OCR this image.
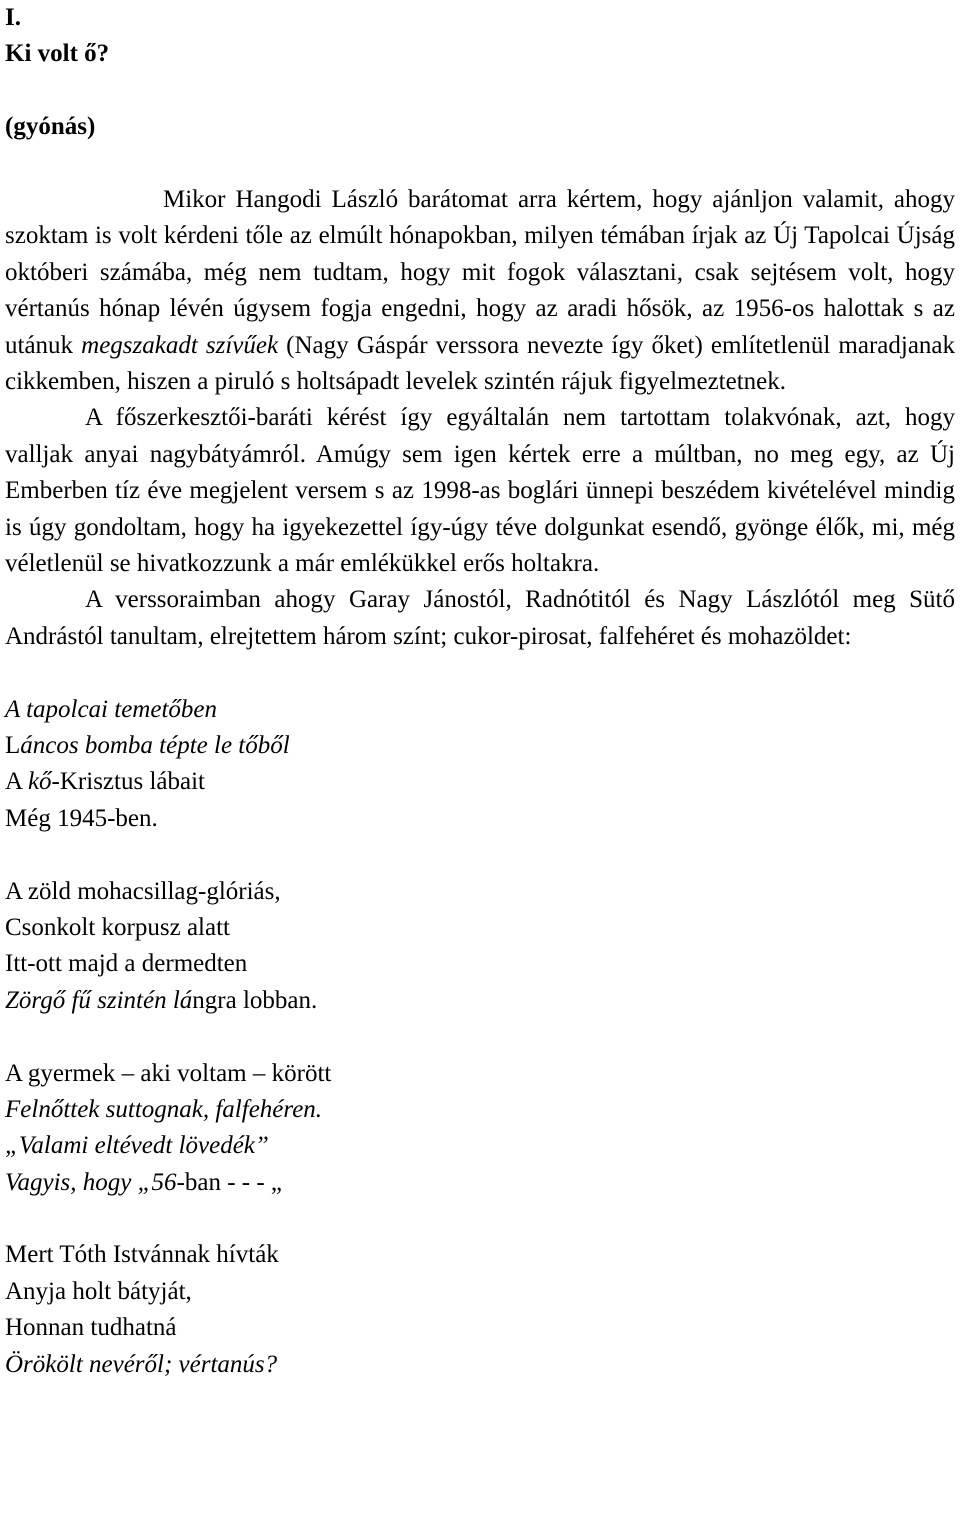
I.
Ki volt ő?
(gyónás)

Mikor Hangodi László barátomat arra kértem, hogy ajánljon valamit, ahogy szoktam is volt kérdeni tőle az elmúlt hónapokban, milyen témában írjak az Új Tapolcai Újság októberi számába, még nem tudtam, hogy mit fogok választani, csak sejtésem volt, hogy vértanús hónap lévén úgysem fogja engedni, hogy az aradi hősök, az 1956-os halottak s az utánuk megszakadt szívűek (Nagy Gáspár verssora nevezte így őket) említetlenül maradjanak cikkemben, hiszen a piruló s holtsápadt levelek szintén rájuk figyelmeztetnek.

A főszerkesztői-baráti kérést így egyáltalán nem tartottam tolakvónak, azt, hogy valljak anyai nagybátyámról. Amúgy sem igen kértek erre a múltban, no meg egy, az Új Emberben tíz éve megjelent versem s az 1998-as boglári ünnepi beszédem kivételével mindig is úgy gondoltam, hogy ha igyekezettel így-úgy téve dolgunkat esendő, gyönge élők, mi, még véletlenül se hivatkozzunk a már emlékükkel erős holtakra.

A verssoraimban ahogy Garay Jánostól, Radnótitól és Nagy Lászlótól meg Sütő Andrástól tanultam, elrejtettem három színt; cukor-pirosat, falfehéret és mohazöldet:

A tapolcai temetőben
Láncos bomba tépte le tőből
A kő-Krisztus lábait
Még 1945-ben.
A zöld mohacsillag-glóriás,
Csonkolt korpusz alatt
Itt-ott majd a dermedten
Zörgő fű szintén lángra lobban.
A gyermek – aki voltam – körött
Felnőttek suttognak, falfehéren.
„Valami eltévedt lövedék”
Vagyis, hogy „56-ban - - - „
Mert Tóth Istvánnak hívták
Anyja holt bátyját,
Honnan tudhatná
Örökölt nevéről; vértanús?
